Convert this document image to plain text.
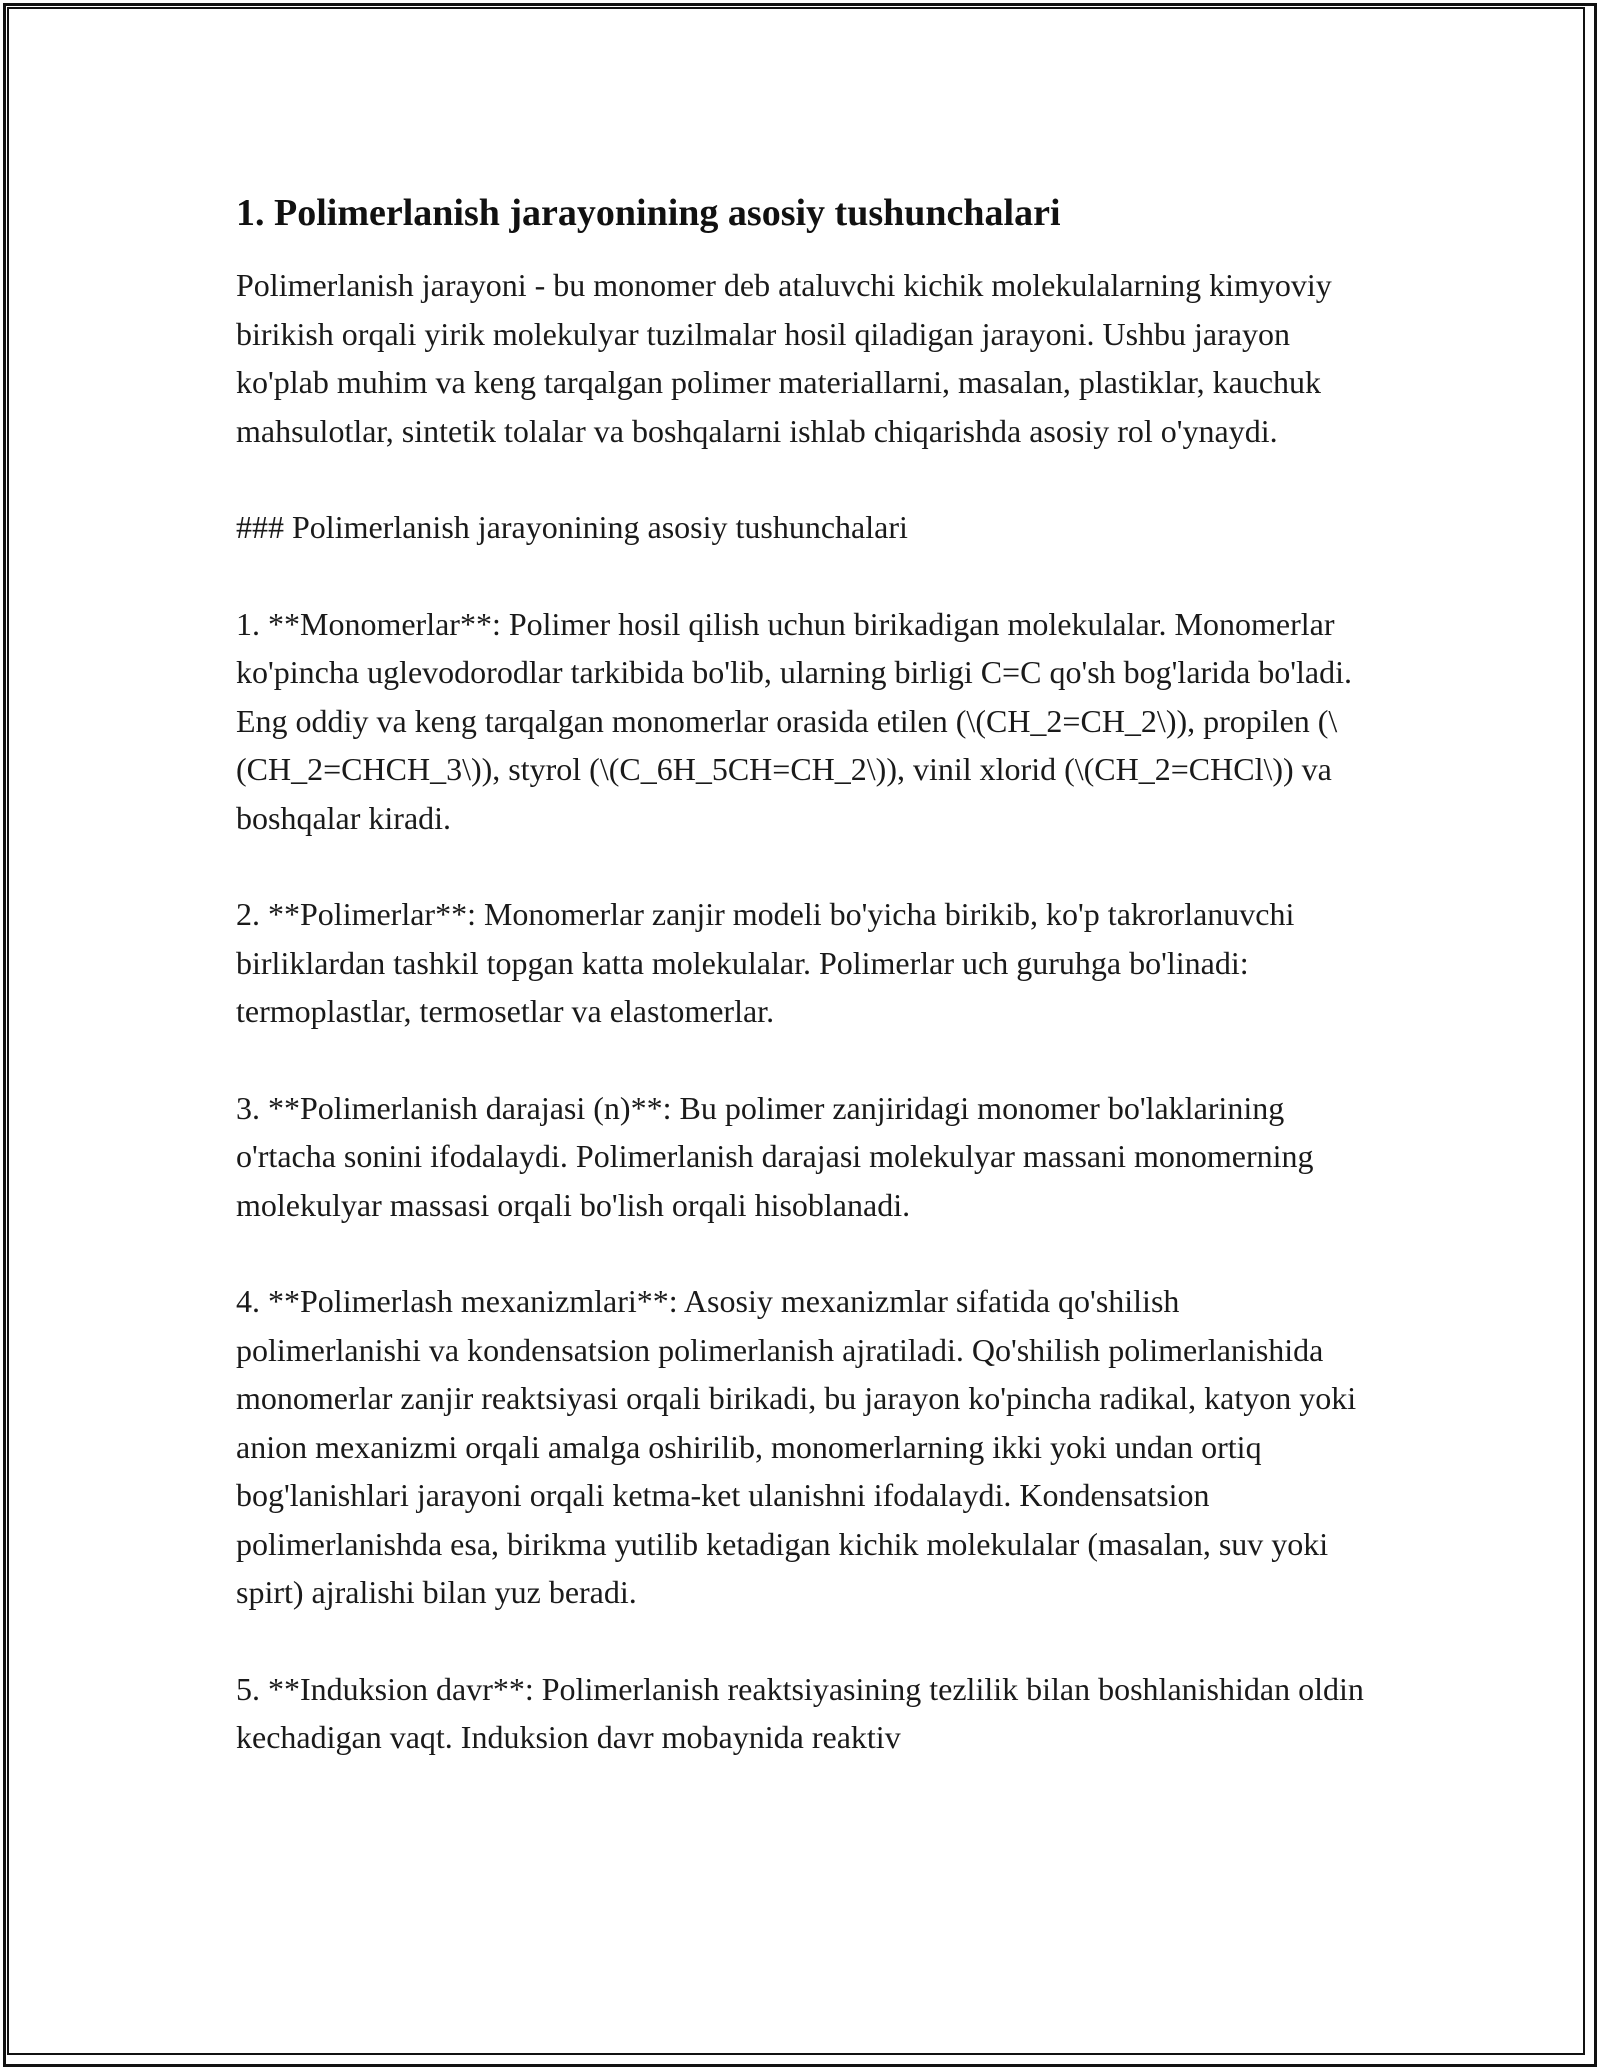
1. Polimerlanish jarayonining asosiy tushunchalari

Polimerlanish jarayoni - bu monomer deb ataluvchi kichik molekulalarning kimyoviy birikish orqali yirik molekulyar tuzilmalar hosil qiladigan jarayoni. Ushbu jarayon ko'plab muhim va keng tarqalgan polimer materiallarni, masalan, plastiklar, kauchuk mahsulotlar, sintetik tolalar va boshqalarni ishlab chiqarishda asosiy rol o'ynaydi.

### Polimerlanish jarayonining asosiy tushunchalari

1. **Monomerlar**: Polimer hosil qilish uchun birikadigan molekulalar. Monomerlar ko'pincha uglevodorodlar tarkibida bo'lib, ularning birligi C=C qo'sh bog'larida bo'ladi. Eng oddiy va keng tarqalgan monomerlar orasida etilen (\(CH_2=CH_2\)), propilen (\(CH_2=CHCH_3\)), styrol (\(C_6H_5CH=CH_2\)), vinil xlorid (\(CH_2=CHCl\)) va boshqalar kiradi.

2. **Polimerlar**: Monomerlar zanjir modeli bo'yicha birikib, ko'p takrorlanuvchi birliklardan tashkil topgan katta molekulalar. Polimerlar uch guruhga bo'linadi: termoplastlar, termosetlar va elastomerlar.

3. **Polimerlanish darajasi (n)**: Bu polimer zanjiridagi monomer bo'laklarining o'rtacha sonini ifodalaydi. Polimerlanish darajasi molekulyar massani monomerning molekulyar massasi orqali bo'lish orqali hisoblanadi.

4. **Polimerlash mexanizmlari**: Asosiy mexanizmlar sifatida qo'shilish polimerlanishi va kondensatsion polimerlanish ajratiladi. Qo'shilish polimerlanishida monomerlar zanjir reaktsiyasi orqali birikadi, bu jarayon ko'pincha radikal, katyon yoki anion mexanizmi orqali amalga oshirilib, monomerlarning ikki yoki undan ortiq bog'lanishlari jarayoni orqali ketma-ket ulanishni ifodalaydi. Kondensatsion polimerlanishda esa, birikma yutilib ketadigan kichik molekulalar (masalan, suv yoki spirt) ajralishi bilan yuz beradi.

5. **Induksion davr**: Polimerlanish reaktsiyasining tezlilik bilan boshlanishidan oldin kechadigan vaqt. Induksion davr mobaynida reaktiv
